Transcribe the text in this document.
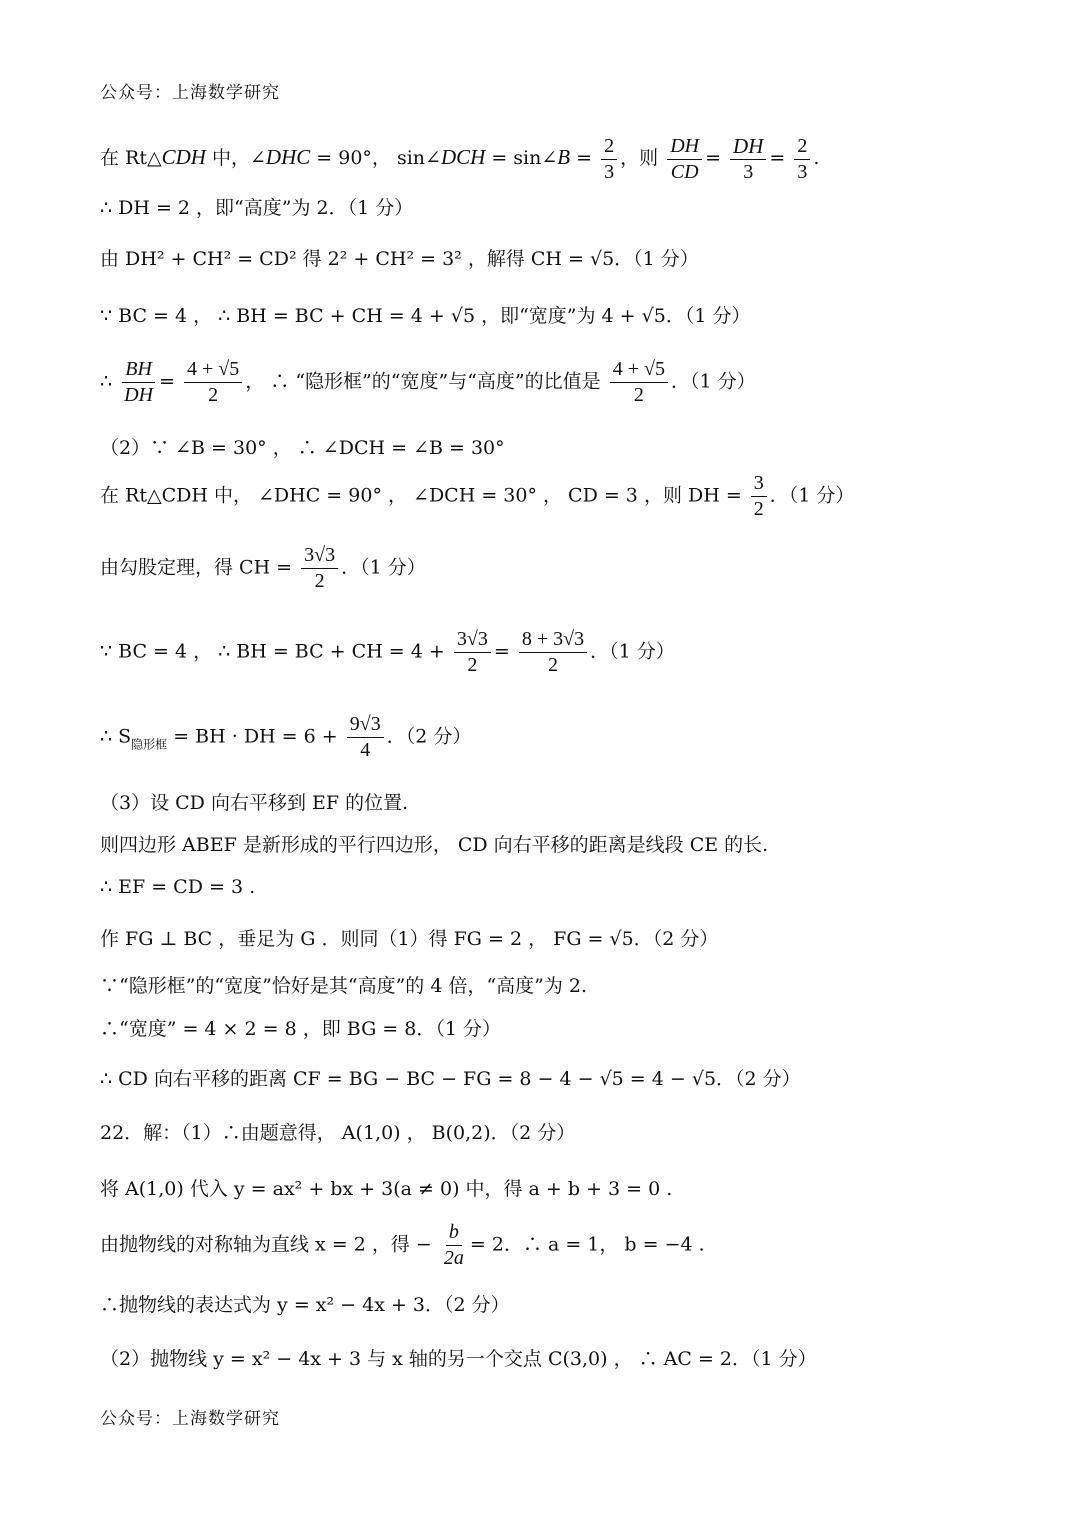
公众号：上海数学研究
在 Rt△CDH 中，∠DHC = 90°， sin∠DCH = sin∠B = $\frac{2}{3}$ ，则 $\frac{DH}{CD} = \frac{DH}{3} = \frac{2}{3}$ .
∴ DH = 2 ，即“高度”为 2．（1 分）
由 DH² + CH² = CD² 得 2² + CH² = 3² ，解得 CH = √5．（1 分）
∵ BC = 4 ， ∴ BH = BC + CH = 4 + √5 ，即“宽度”为 4 + √5．（1 分）
∴ $\frac{BH}{DH} = \frac{4 + √5}{2}$ ， ∴ “隐形框”的“宽度”与“高度”的比值是 $\frac{4 + √5}{2}$ ．（1 分）
（2）∵ ∠B = 30° ， ∴ ∠DCH = ∠B = 30°
在 Rt△CDH 中， ∠DHC = 90° ， ∠DCH = 30° ， CD = 3 ，则 DH = $\frac{3}{2}$ ．（1 分）
由勾股定理，得 CH = $\frac{3√3}{2}$ ．（1 分）
∵ BC = 4 ， ∴ BH = BC + CH = $4 + \frac{3√3}{2} = \frac{8 + 3√3}{2}$ ．（1 分）
∴ $S_{隐形框}$ = BH · DH = $6 + \frac{9√3}{4}$ ．（2 分）
（3）设 CD 向右平移到 EF 的位置.
则四边形 ABEF 是新形成的平行四边形， CD 向右平移的距离是线段 CE 的长.
∴ EF = CD = 3 .
作 FG ⊥ BC ，垂足为 G ．则同（1）得 FG = 2 ， FG = √5．（2 分）
∵“隐形框”的“宽度”恰好是其“高度”的 4 倍，“高度”为 2.
∴“宽度” = 4 × 2 = 8 ，即 BG = 8．（1 分）
∴ CD 向右平移的距离 CF = BG − BC − FG = 8 − 4 − √5 = 4 − √5．（2 分）
22．解：（1）∴由题意得， A(1,0) ， B(0,2)．（2 分）
将 A(1,0) 代入 y = ax² + bx + 3(a ≠ 0) 中，得 a + b + 3 = 0 .
由抛物线的对称轴为直线 x = 2 ，得 − $\frac{b}{2a} = 2$．∴ a = 1， b = −4 .
∴抛物线的表达式为 y = x² − 4x + 3．（2 分）
（2）抛物线 y = x² − 4x + 3 与 x 轴的另一个交点 C(3,0) ， ∴ AC = 2．（1 分）
公众号：上海数学研究
